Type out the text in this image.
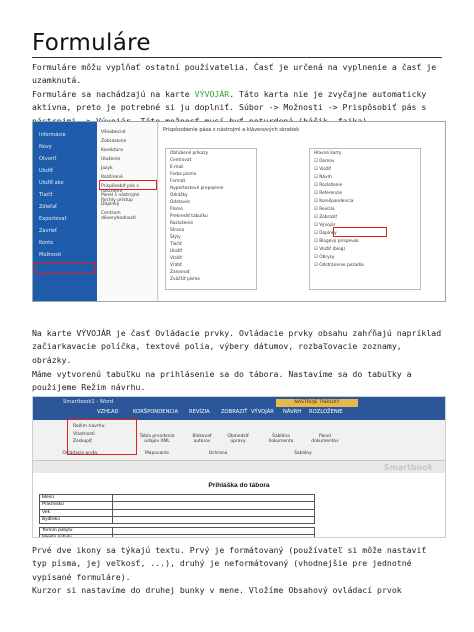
Formuláre
Formuláre môžu vypĺňať ostatní používatelia. Časť je určená na vyplnenie a časť je uzamknutá.
Formuláre sa nachádzajú na karte VÝVOJÁR. Táto karta nie je zvyčajne automaticky aktívna, preto je potrebné si ju doplniť. Súbor -> Možnosti -> Prispôsobiť pás s
Informácie
Nový
Otvoriť
Uložiť
Uložiť ako
Tlačiť
Zdieľať
Exportovať
Zavrieť
Konto
Možnosti
Všeobecné
Zobrazenie
Korektúra
Uloženie
Jazyk
Rozšírené
Prispôsobiť pás s nástrojmi
Panel s nástrojmi Rýchly prístup
Doplnky
Centrum dôveryhodnosti
Prispôsobenie pása s nástrojmi a klávesových skratiek
Obľúbené príkazy
Centrovať
E-mail
Farba písma
Formát
Hypertextové prepojenie
Odrážky
Odstavec
Písmo
Prekresliť tabuľku
Rozloženie
Strana
Štýly
Tlačiť
Uložiť
Vložiť
Vrátiť
Zarovnať
Zväčšiť písmo
Hlavné karty
☑ Domov
☑ Vložiť
☑ Návrh
☑ Rozloženie
☑ Referencie
☑ Korešpondencia
☑ Revízia
☑ Zobraziť
☑ Vývojár
☑ Doplnky
☑ Blogový príspevok
☑ Vložiť (blog)
☑ Obrysy
☑ Odstránenie pozadia
Na karte VÝVOJÁR je časť Ovládacie prvky. Ovládacie prvky obsahu zahŕňajú napríklad začiarkavacie políčka, textové polia, výbery dátumov, rozbaľovacie zoznamy, obrázky.
Máme vytvorenú tabuľku na prihlásenie sa do tábora. Nastavíme sa do tabuľky a použijeme Režim návrhu.
Smartbook1 - Word	NÁSTROJE TABUĽKY
VZHĽAD	KORŠPONDENCIA REVÍZIA ZOBRAZIŤ VÝVOJÁR NÁVRH ROZLOŽENIE
Režim návrhu
Vlastnosti
Zoskupiť
Ovládacie prvky
Tabla prvodenia údajov XML
Mapovanie
Blokovať autorov
Obmedziť úpravy
Ochrana
Šablóna dokumentu
Panel dokumentov
Šablóny
Smartbook
Prihláška do tábora
Meno	
Priezvisko	
Vek	
Bydlisko	

Termín pobytu	
Miesto pobytu	
Prvé dve ikony sa týkajú textu. Prvý je formátovaný (používateľ si môže nastaviť typ písma, jej veľkosť, ...), druhý je neformátovaný (vhodnejšie pre jednotné vypísané formuláre).
Kurzor si nastavíme do druhej bunky v mene. Vložíme Obsahový ovládací prvok
